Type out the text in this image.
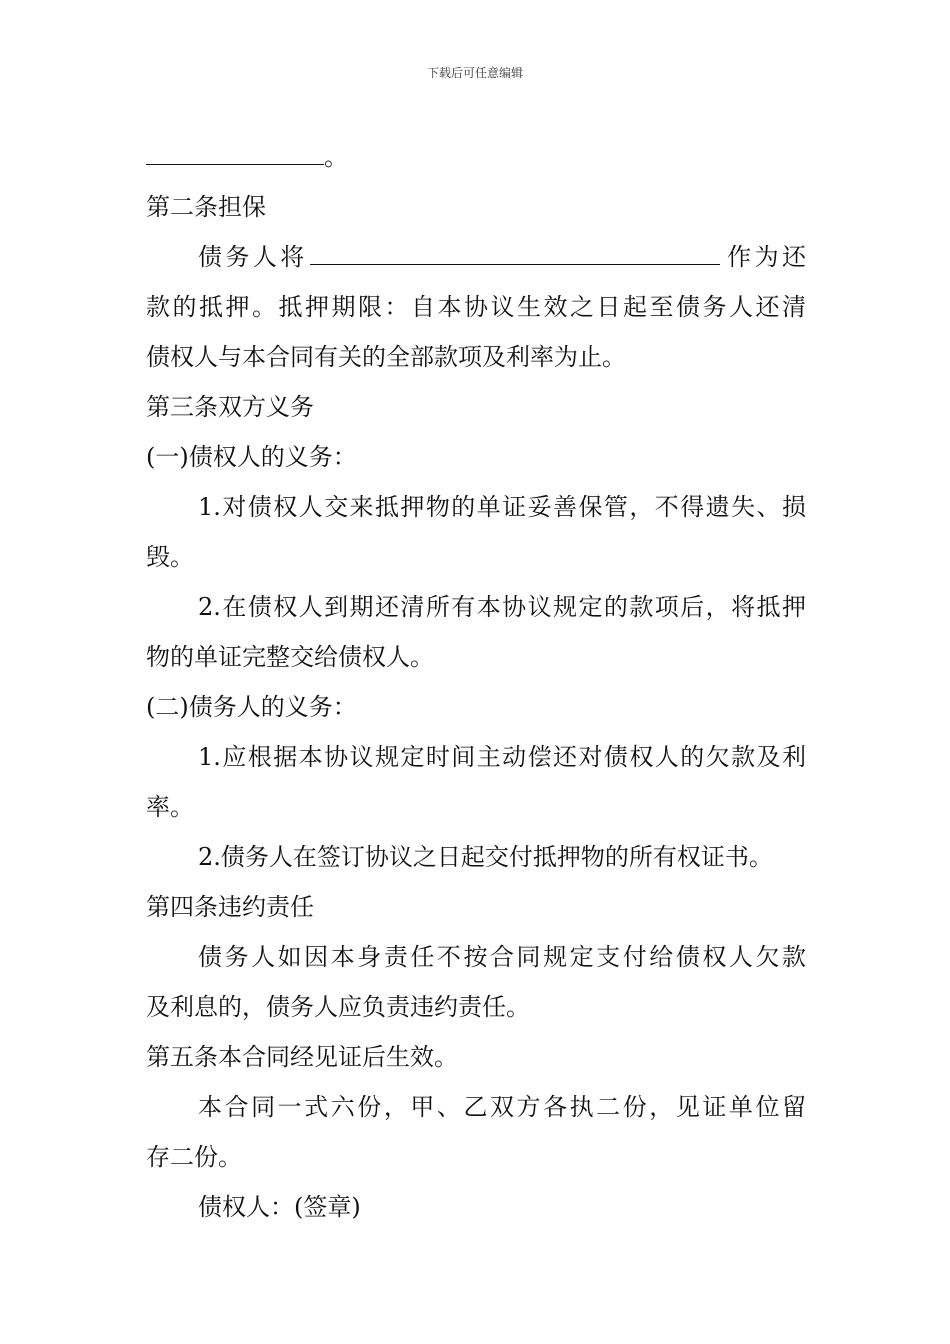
下载后可任意编辑
。
第二条担保
债务人将	作为还
款的抵押。抵押期限：自本协议生效之日起至债务人还清
债权人与本合同有关的全部款项及利率为止。
第三条双方义务
(一)债权人的义务：
1.对债权人交来抵押物的单证妥善保管，不得遗失、损
毁。
2.在债权人到期还清所有本协议规定的款项后，将抵押
物的单证完整交给债权人。
(二)债务人的义务：
1.应根据本协议规定时间主动偿还对债权人的欠款及利
率。
2.债务人在签订协议之日起交付抵押物的所有权证书。
第四条违约责任
债务人如因本身责任不按合同规定支付给债权人欠款
及利息的，债务人应负责违约责任。
第五条本合同经见证后生效。
本合同一式六份，甲、乙双方各执二份，见证单位留
存二份。
债权人：(签章)
